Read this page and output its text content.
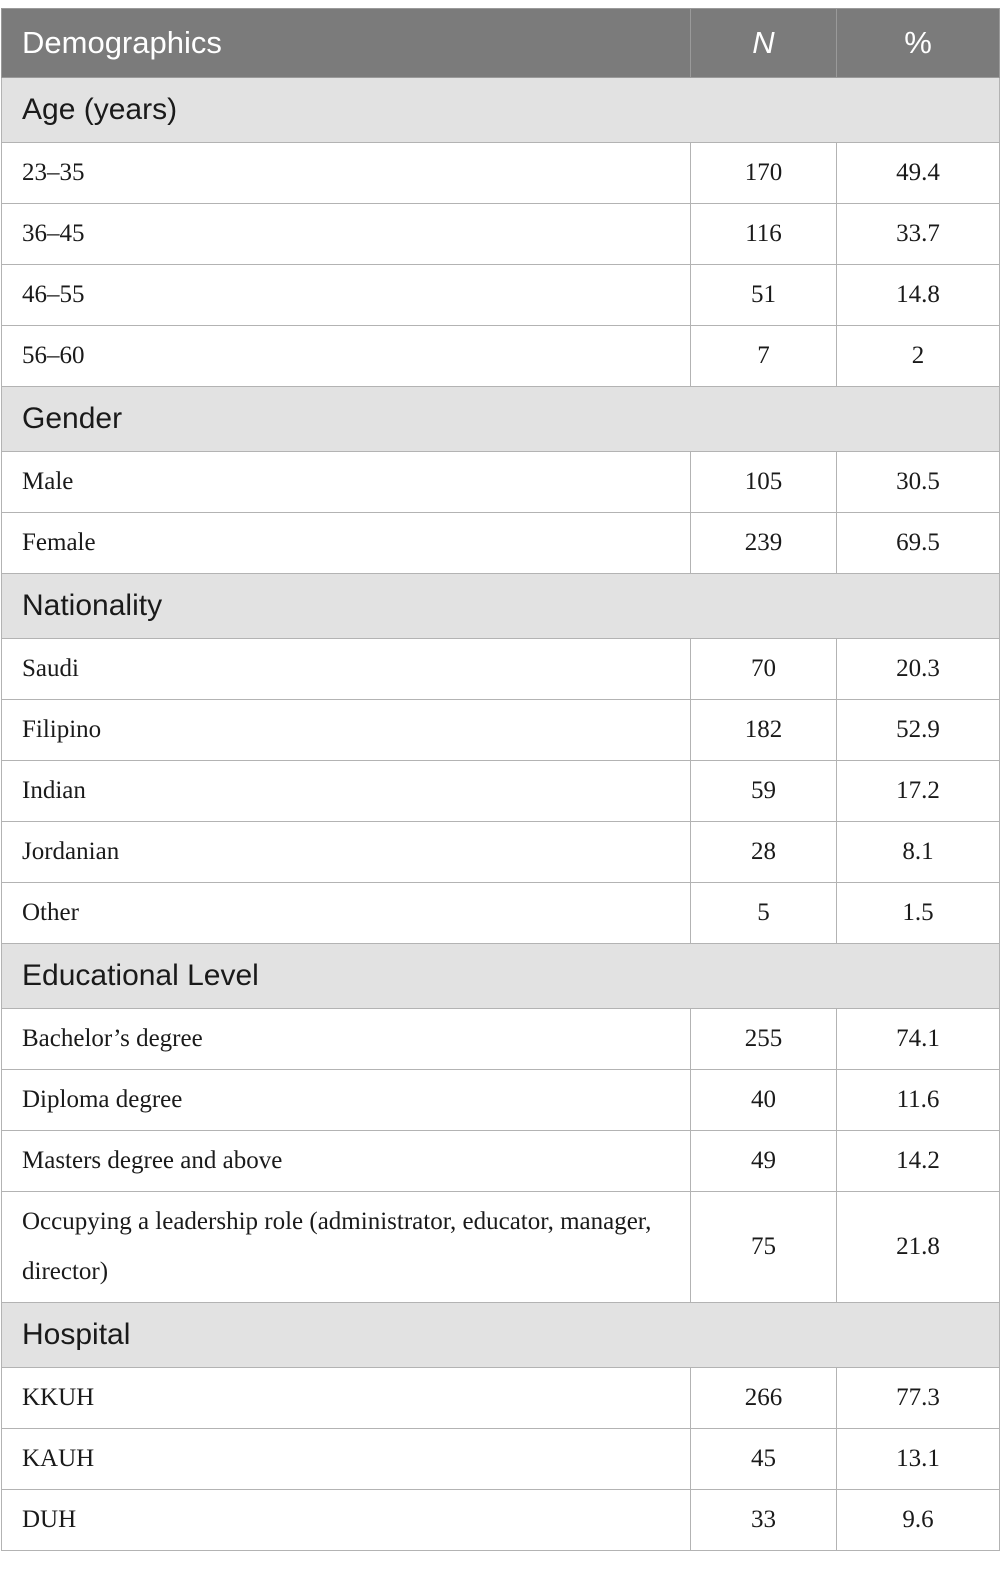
Demographics	N	%
Age (years)		
23–35	170	49.4
36–45	116	33.7
46–55	51	14.8
56–60	7	2
Gender		
Male	105	30.5
Female	239	69.5
Nationality		
Saudi	70	20.3
Filipino	182	52.9
Indian	59	17.2
Jordanian	28	8.1
Other	5	1.5
Educational Level		
Bachelor’s degree	255	74.1
Diploma degree	40	11.6
Masters degree and above	49	14.2
Occupying a leadership role (administrator, educator, manager, director)	75	21.8
Hospital		
KKUH	266	77.3
KAUH	45	13.1
DUH	33	9.6
